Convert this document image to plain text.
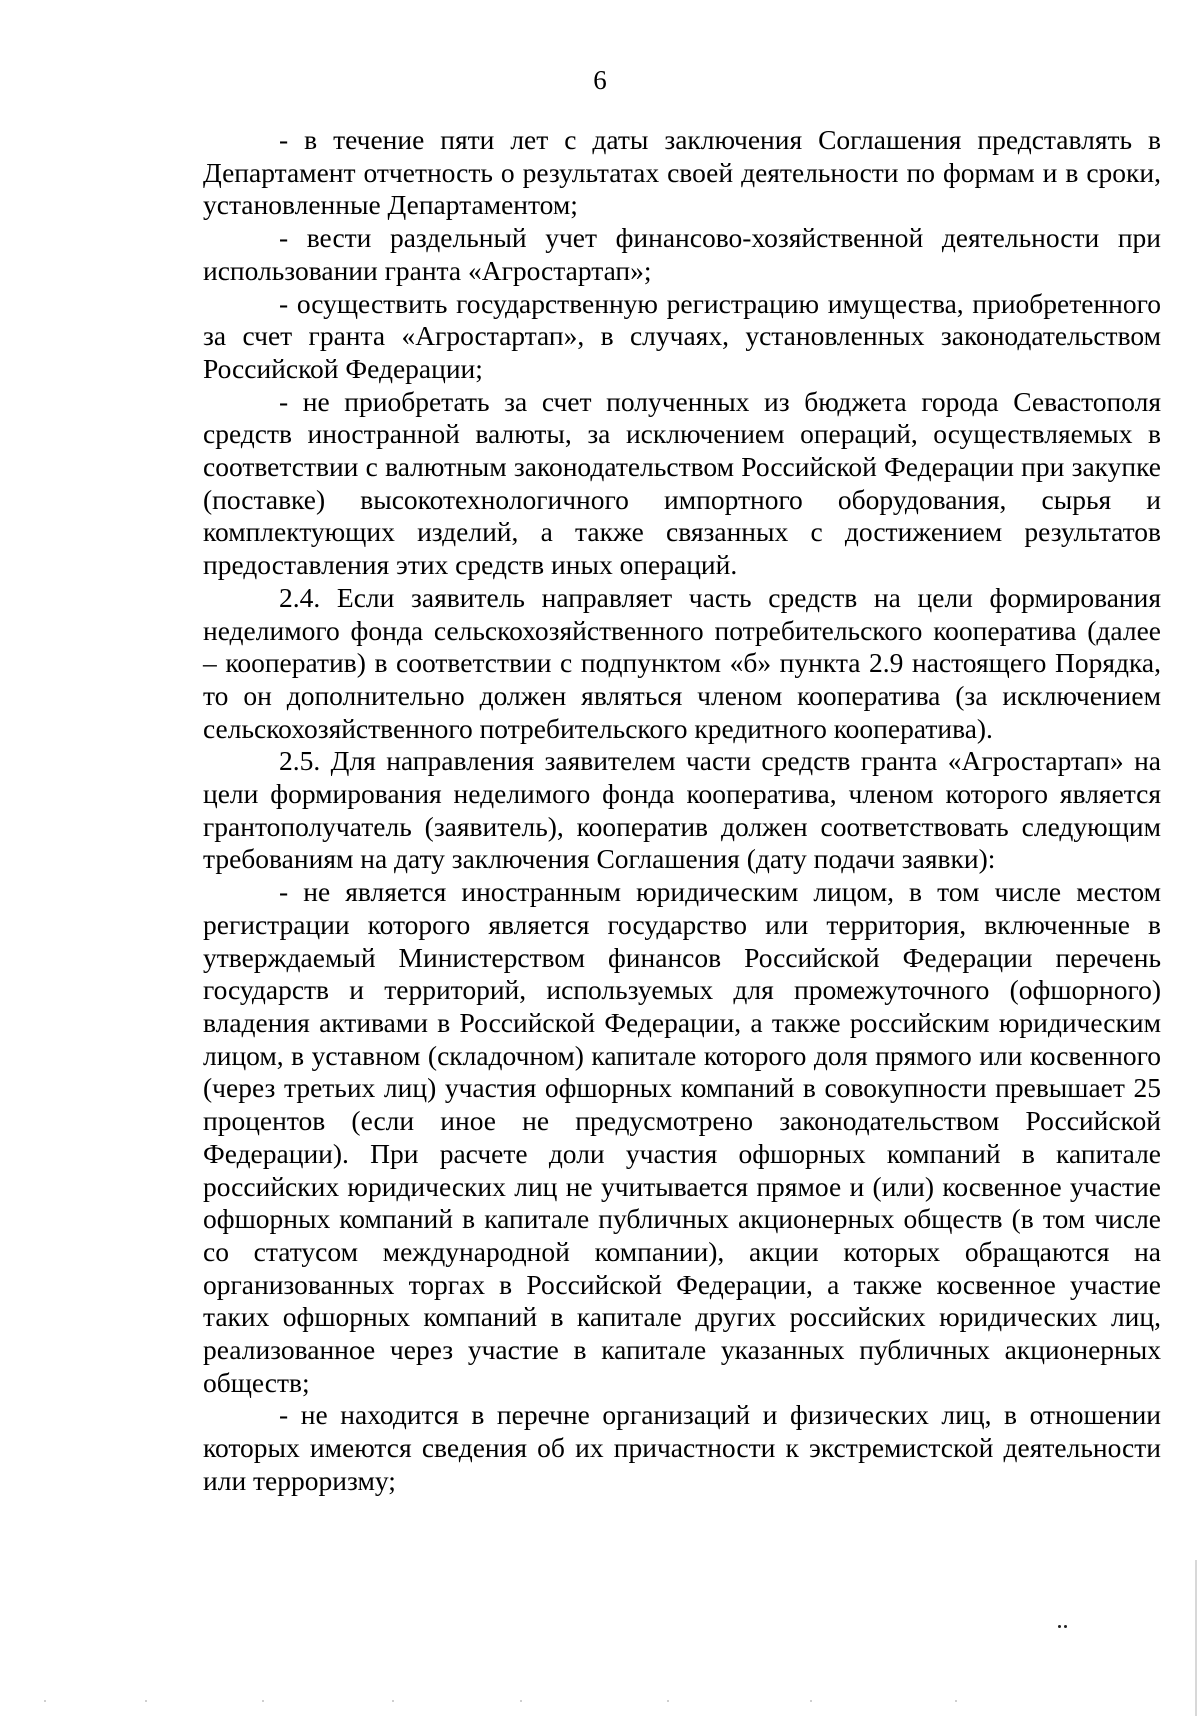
6

- в течение пяти лет с даты заключения Соглашения представлять в Департамент отчетность о результатах своей деятельности по формам и в сроки, установленные Департаментом;

- вести раздельный учет финансово-хозяйственной деятельности при использовании гранта «Агростартап»;

- осуществить государственную регистрацию имущества, приобретенного за счет гранта «Агростартап», в случаях, установленных законодательством Российской Федерации;

- не приобретать за счет полученных из бюджета города Севастополя средств иностранной валюты, за исключением операций, осуществляемых в соответствии с валютным законодательством Российской Федерации при закупке (поставке) высокотехнологичного импортного оборудования, сырья и комплектующих изделий, а также связанных с достижением результатов предоставления этих средств иных операций.

2.4. Если заявитель направляет часть средств на цели формирования неделимого фонда сельскохозяйственного потребительского кооператива (далее – кооператив) в соответствии с подпунктом «б» пункта 2.9 настоящего Порядка, то он дополнительно должен являться членом кооператива (за исключением сельскохозяйственного потребительского кредитного кооператива).

2.5. Для направления заявителем части средств гранта «Агростартап» на цели формирования неделимого фонда кооператива, членом которого является грантополучатель (заявитель), кооператив должен соответствовать следующим требованиям на дату заключения Соглашения (дату подачи заявки):

- не является иностранным юридическим лицом, в том числе местом регистрации которого является государство или территория, включенные в утверждаемый Министерством финансов Российской Федерации перечень государств и территорий, используемых для промежуточного (офшорного) владения активами в Российской Федерации, а также российским юридическим лицом, в уставном (складочном) капитале которого доля прямого или косвенного (через третьих лиц) участия офшорных компаний в совокупности превышает 25 процентов (если иное не предусмотрено законодательством Российской Федерации). При расчете доли участия офшорных компаний в капитале российских юридических лиц не учитывается прямое и (или) косвенное участие офшорных компаний в капитале публичных акционерных обществ (в том числе со статусом международной компании), акции которых обращаются на организованных торгах в Российской Федерации, а также косвенное участие таких офшорных компаний в капитале других российских юридических лиц, реализованное через участие в капитале указанных публичных акционерных обществ;

- не находится в перечне организаций и физических лиц, в отношении которых имеются сведения об их причастности к экстремистской деятельности или терроризму;
